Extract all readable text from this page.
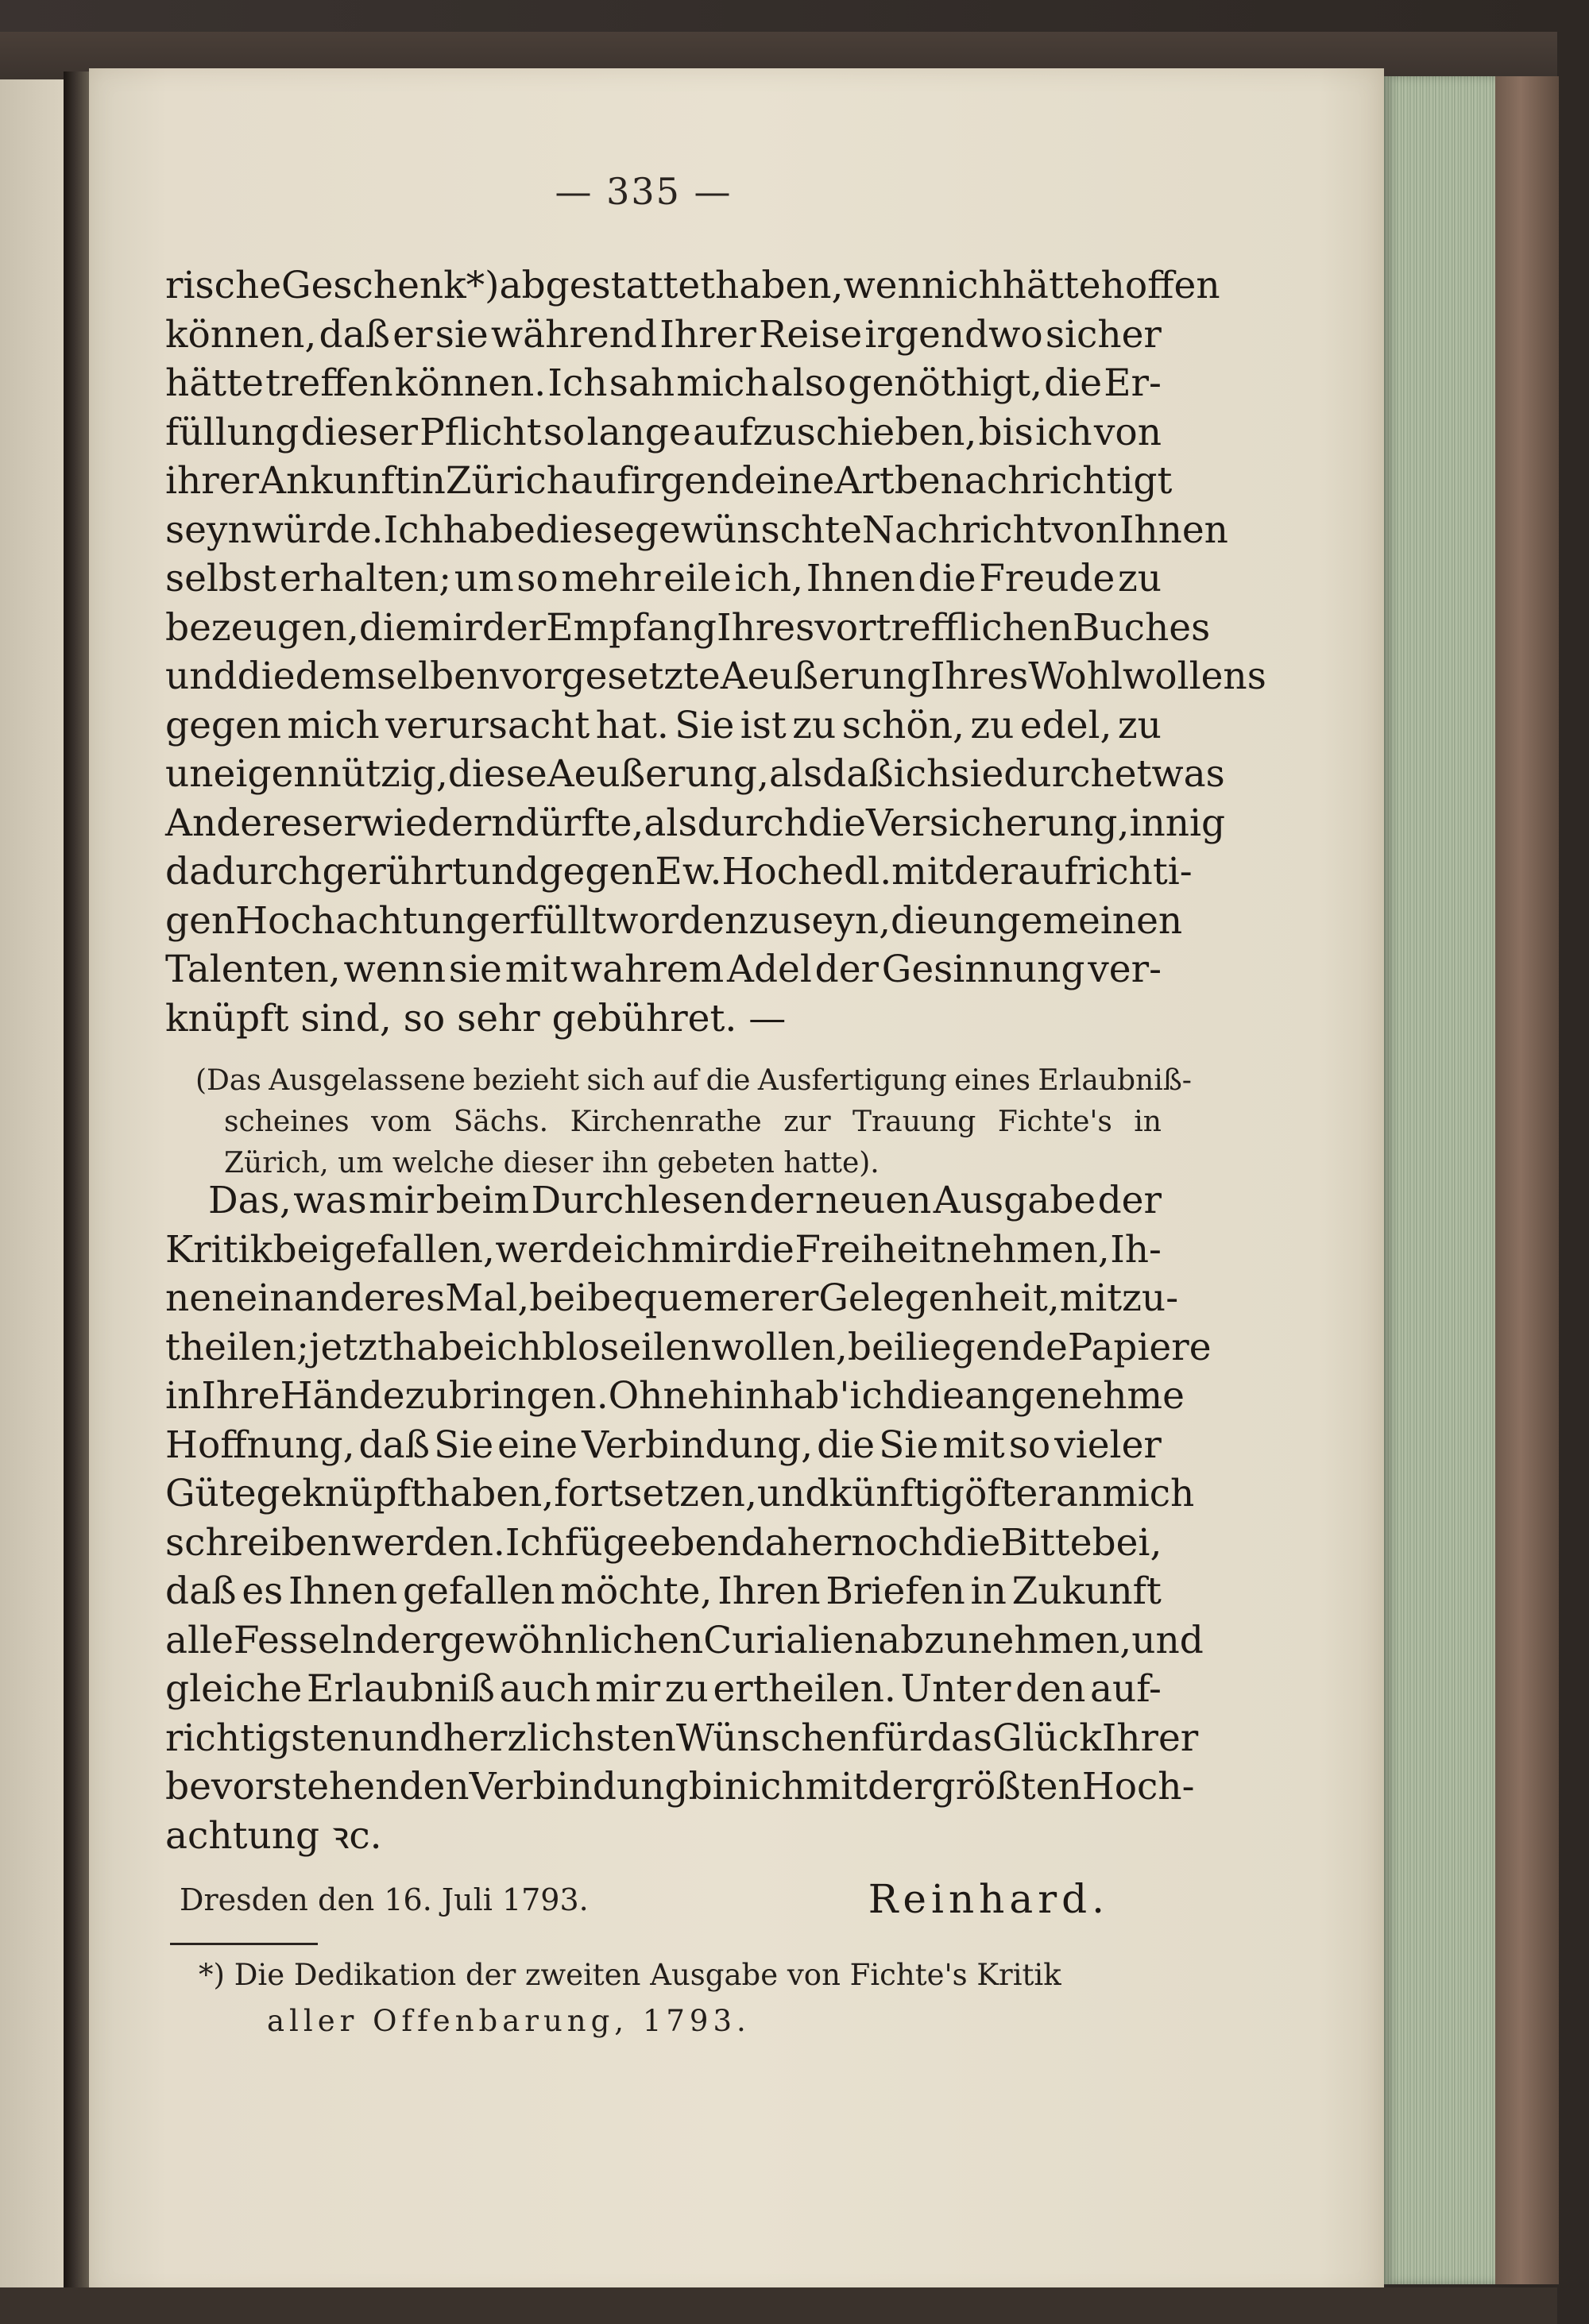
— 335 —
rische Geschenk*) abgestattet haben, wenn ich hätte hoffen
können, daß er sie während Ihrer Reise irgendwo sicher
hätte treffen können. Ich sah mich also genöthigt, die Er-
füllung dieser Pflicht so lange aufzuschieben, bis ich von
ihrer Ankunft in Zürich auf irgend eine Art benachrichtigt
seyn würde. Ich habe diese gewünschte Nachricht von Ihnen
selbst erhalten; um so mehr eile ich, Ihnen die Freude zu
bezeugen, die mir der Empfang Ihres vortrefflichen Buches
und die demselben vorgesetzte Aeußerung Ihres Wohlwollens
gegen mich verursacht hat. Sie ist zu schön, zu edel, zu
uneigennützig, diese Aeußerung, als daß ich sie durch etwas
Anderes erwiedern dürfte, als durch die Versicherung, innig
dadurch gerührt und gegen Ew. Hochedl. mit der aufrichti-
gen Hochachtung erfüllt worden zu seyn, die ungemeinen
Talenten, wenn sie mit wahrem Adel der Gesinnung ver-
knüpft sind, so sehr gebühret. —
(Das Ausgelassene bezieht sich auf die Ausfertigung eines Erlaubniß-
scheines vom Sächs. Kirchenrathe zur Trauung Fichte's in
Zürich, um welche dieser ihn gebeten hatte).
Das, was mir beim Durchlesen der neuen Ausgabe der
Kritik beigefallen, werde ich mir die Freiheit nehmen, Ih-
nen ein anderes Mal, bei bequemerer Gelegenheit, mitzu-
theilen; jetzt habe ich blos eilen wollen, beiliegende Papiere
in Ihre Hände zu bringen. Ohnehin hab' ich die angenehme
Hoffnung, daß Sie eine Verbindung, die Sie mit so vieler
Güte geknüpft haben, fortsetzen, und künftig öfter an mich
schreiben werden. Ich füge eben daher noch die Bitte bei,
daß es Ihnen gefallen möchte, Ihren Briefen in Zukunft
alle Fesseln der gewöhnlichen Curialien abzunehmen, und
gleiche Erlaubniß auch mir zu ertheilen. Unter den auf-
richtigsten und herzlichsten Wünschen für das Glück Ihrer
bevorstehenden Verbindung bin ich mit der größten Hoch-
achtung ꝛc.
Dresden den 16. Juli 1793.	Reinhard.
*) Die Dedikation der zweiten Ausgabe von Fichte's Kritik
aller Offenbarung, 1793.
